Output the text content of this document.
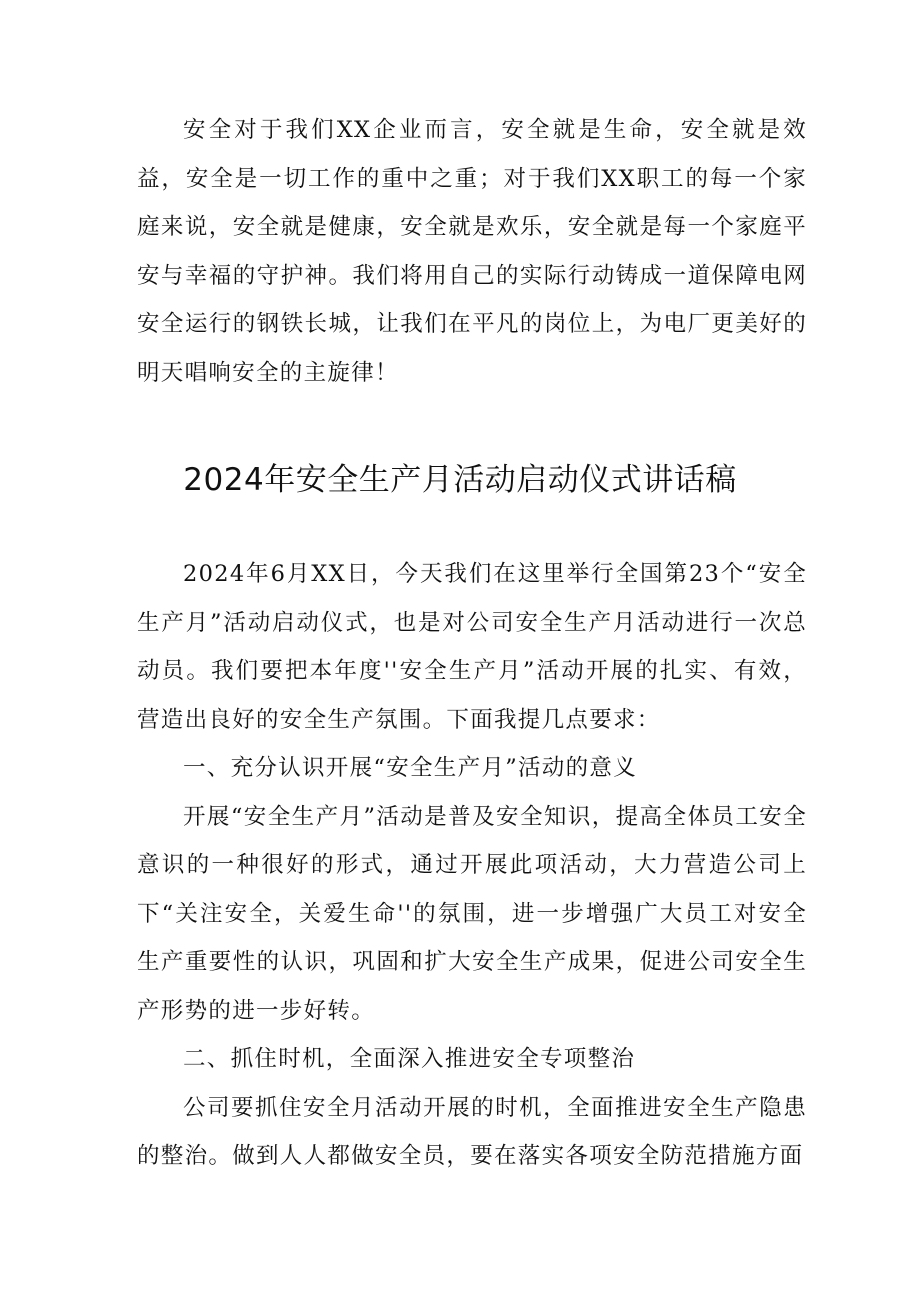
安全对于我们XX企业而言，安全就是生命，安全就是效益，安全是一切工作的重中之重；对于我们XX职工的每一个家庭来说，安全就是健康，安全就是欢乐，安全就是每一个家庭平安与幸福的守护神。我们将用自己的实际行动铸成一道保障电网安全运行的钢铁长城，让我们在平凡的岗位上，为电厂更美好的明天唱响安全的主旋律！

2024年安全生产月活动启动仪式讲话稿

2024年6月XX日，今天我们在这里举行全国第23个“安全生产月”活动启动仪式，也是对公司安全生产月活动进行一次总动员。我们要把本年度''安全生产月”活动开展的扎实、有效，营造出良好的安全生产氛围。下面我提几点要求：

一、充分认识开展“安全生产月”活动的意义

开展“安全生产月”活动是普及安全知识，提高全体员工安全意识的一种很好的形式，通过开展此项活动，大力营造公司上下“关注安全，关爱生命''的氛围，进一步增强广大员工对安全生产重要性的认识，巩固和扩大安全生产成果，促进公司安全生产形势的进一步好转。

二、抓住时机，全面深入推进安全专项整治

公司要抓住安全月活动开展的时机，全面推进安全生产隐患的整治。做到人人都做安全员，要在落实各项安全防范措施方面
